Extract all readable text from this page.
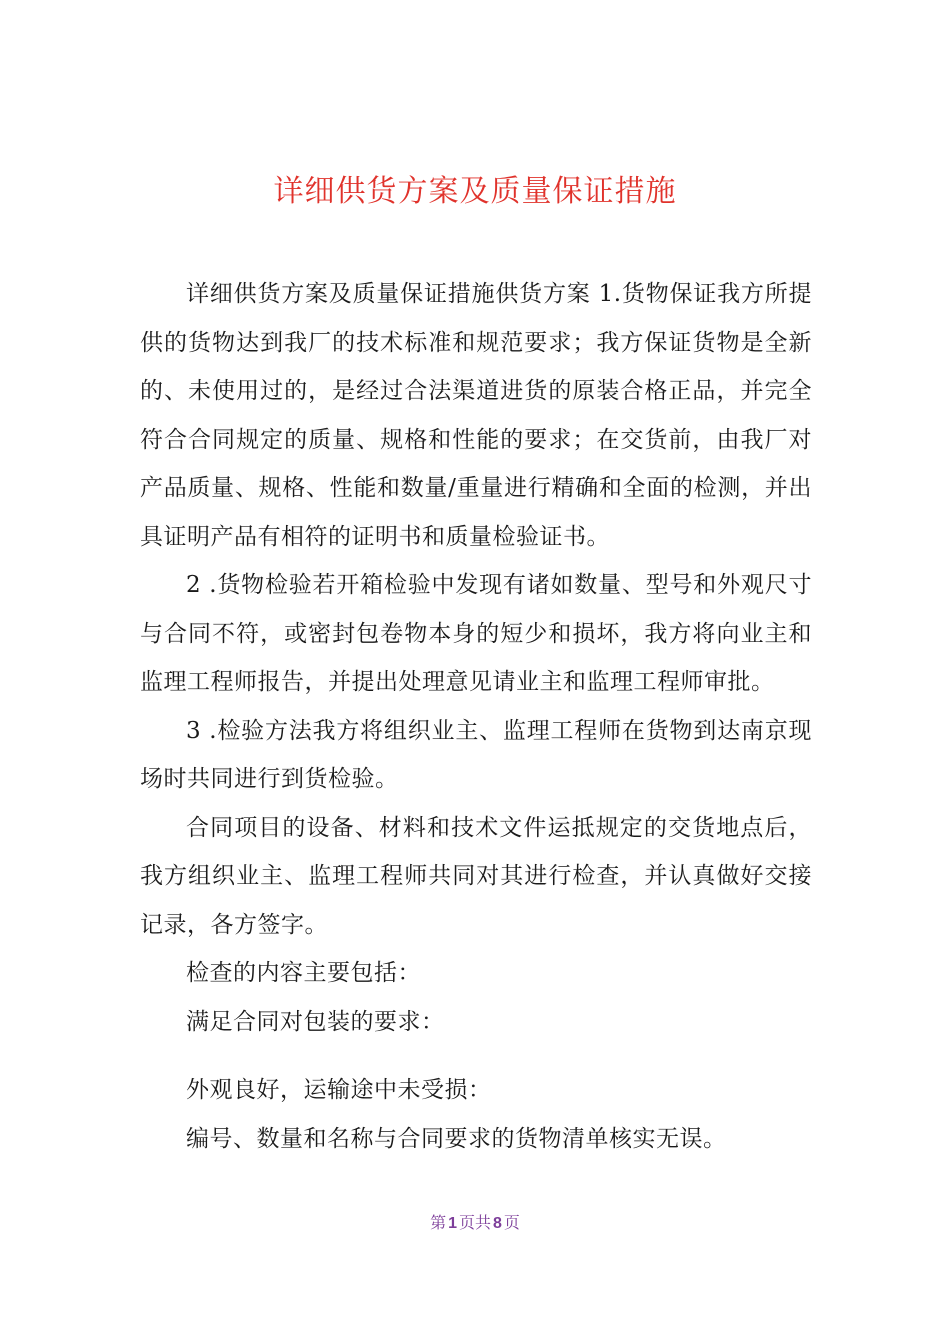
详细供货方案及质量保证措施

详细供货方案及质量保证措施供货方案 1.货物保证我方所提供的货物达到我厂的技术标准和规范要求；我方保证货物是全新的、未使用过的，是经过合法渠道进货的原装合格正品，并完全符合合同规定的质量、规格和性能的要求；在交货前，由我厂对产品质量、规格、性能和数量/重量进行精确和全面的检测，并出具证明产品有相符的证明书和质量检验证书。

2 .货物检验若开箱检验中发现有诸如数量、型号和外观尺寸与合同不符，或密封包卷物本身的短少和损坏，我方将向业主和监理工程师报告，并提出处理意见请业主和监理工程师审批。

3 .检验方法我方将组织业主、监理工程师在货物到达南京现场时共同进行到货检验。

合同项目的设备、材料和技术文件运抵规定的交货地点后，我方组织业主、监理工程师共同对其进行检查，并认真做好交接记录，各方签字。

检查的内容主要包括：

满足合同对包装的要求：

外观良好，运输途中未受损：

编号、数量和名称与合同要求的货物清单核实无误。

第 1 页共 8 页
